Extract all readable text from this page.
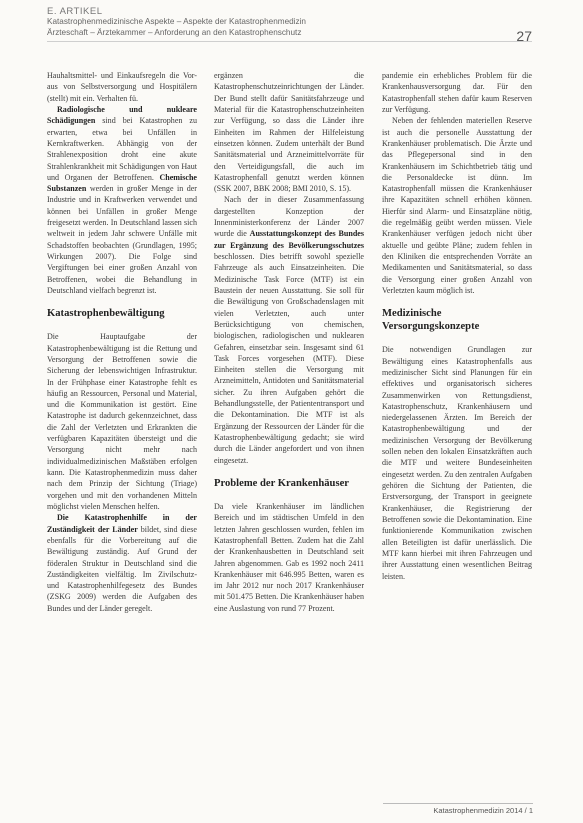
E. ARTIKEL
Katastrophenmedizinische Aspekte – Aspekte der Katastrophenmedizin
Ärzteschaft – Ärztekammer – Anforderung an den Katastrophenschutz	27

Hauhaltsmittel- und Einkaufsregeln die Vor- aus von Selbstversorgung und Hospitälern (stellt) mit ein. Verhalten fü.

Radiologische und nukleare Schädigungen sind bei Katastrophen zu erwarten, etwa bei Unfällen in Kernkraftwerken. Abhängig von der Strahlenexposition droht eine akute Strahlenkrankheit mit Schädigungen von Haut und Organen der Betroffenen. Chemische Substanzen werden in großer Menge in der Industrie und in Kraftwerken verwendet und können bei Unfällen in großer Menge freigesetzt werden. In Deutschland lassen sich weltweit in jedem Jahr schwere Unfälle mit Schadstoffen beobachten (Grundlagen, 1995; Wirkungen 2007). Die Folge sind Vergiftungen bei einer großen Anzahl von Betroffenen, wobei die Behandlung in Deutschland vielfach begrenzt ist.

Katastrophenbewältigung

Die Hauptaufgabe der Katastrophenbewältigung ist die Rettung und Versorgung der Betroffenen sowie die Sicherung der lebenswichtigen Infrastruktur. In der Frühphase einer Katastrophe fehlt es häufig an Ressourcen, Personal und Material, und die Kommunikation ist gestört. Eine Katastrophe ist dadurch gekennzeichnet, dass die Zahl der Verletzten und Erkrankten die verfügbaren Kapazitäten übersteigt und die Versorgung nicht mehr nach individualmedizinischen Maßstäben erfolgen kann. Die Katastrophenmedizin muss daher nach dem Prinzip der Sichtung (Triage) vorgehen und mit den vorhandenen Mitteln möglichst vielen Menschen helfen.

Die Katastrophenhilfe in der Zuständigkeit der Länder bildet, sind diese ebenfalls für die Vorbereitung auf die Bewältigung zuständig. Auf Grund der föderalen Struktur in Deutschland sind die Zuständigkeiten vielfältig. Im Zivilschutz- und Katastrophenhilfegesetz des Bundes (ZSKG 2009) werden die Aufgaben des Bundes und der Länder geregelt.

ergänzen die Katastrophenschutzeinrichtungen der Länder. Der Bund stellt dafür Sanitätsfahrzeuge und Material für die Katastrophenschutzeinheiten zur Verfügung, so dass die Länder ihre Einheiten im Rahmen der Hilfeleistung einsetzen können. Zudem unterhält der Bund Sanitätsmaterial und Arzneimittelvorräte für den Verteidigungsfall, die auch im Katastrophenfall genutzt werden können (SSK 2007, BBK 2008; BMI 2010, S. 15).

Nach der in dieser Zusammenfassung dargestellten Konzeption der Innenministerkonferenz der Länder 2007 wurde die Ausstattungskonzept des Bundes zur Ergänzung des Bevölkerungsschutzes beschlossen. Dies betrifft sowohl spezielle Fahrzeuge als auch Einsatzeinheiten. Die Medizinische Task Force (MTF) ist ein Baustein der neuen Ausstattung. Sie soll für die Bewältigung von Großschadenslagen mit vielen Verletzten, auch unter Berücksichtigung von chemischen, biologischen, radiologischen und nuklearen Gefahren, einsetzbar sein. Insgesamt sind 61 Task Forces vorgesehen (MTF). Diese Einheiten stellen die Versorgung mit Arzneimitteln, Antidoten und Sanitätsmaterial sicher. Zu ihren Aufgaben gehört die Behandlungsstelle, der Patiententransport und die Dekontamination. Die MTF ist als Ergänzung der Ressourcen der Länder für die Katastrophenbewältigung gedacht; sie wird durch die Länder angefordert und von ihnen eingesetzt.

Probleme der Krankenhäuser

Da viele Krankenhäuser im ländlichen Bereich und im städtischen Umfeld in den letzten Jahren geschlossen wurden, fehlen im Katastrophenfall Betten. Zudem hat die Zahl der Krankenhausbetten in Deutschland seit Jahren abgenommen. Gab es 1992 noch 2411 Krankenhäuser mit 646.995 Betten, waren es im Jahr 2012 nur noch 2017 Krankenhäuser mit 501.475 Betten. Die Krankenhäuser haben eine Auslastung von rund 77 Prozent.

pandemie ein erhebliches Problem für die Krankenhausversorgung dar. Für den Katastrophenfall stehen dafür kaum Reserven zur Verfügung.

Neben der fehlenden materiellen Reserve ist auch die personelle Ausstattung der Krankenhäuser problematisch. Die Ärzte und das Pflegepersonal sind in den Krankenhäusern im Schichtbetrieb tätig und die Personaldecke ist dünn. Im Katastrophenfall müssen die Krankenhäuser ihre Kapazitäten schnell erhöhen können. Hierfür sind Alarm- und Einsatzpläne nötig, die regelmäßig geübt werden müssen. Viele Krankenhäuser verfügen jedoch nicht über aktuelle und geübte Pläne; zudem fehlen in den Kliniken die entsprechenden Vorräte an Medikamenten und Sanitätsmaterial, so dass die Versorgung einer großen Anzahl von Verletzten kaum möglich ist.

Medizinische Versorgungskonzepte

Die notwendigen Grundlagen zur Bewältigung eines Katastrophenfalls aus medizinischer Sicht sind Planungen für ein effektives und organisatorisch sicheres Zusammenwirken von Rettungsdienst, Katastrophenschutz, Krankenhäusern und niedergelassenen Ärzten. Im Bereich der Katastrophenbewältigung und der medizinischen Versorgung der Bevölkerung sollen neben den lokalen Einsatzkräften auch die MTF und weitere Bundeseinheiten eingesetzt werden. Zu den zentralen Aufgaben gehören die Sichtung der Patienten, die Erstversorgung, der Transport in geeignete Krankenhäuser, die Registrierung der Betroffenen sowie die Dekontamination. Eine funktionierende Kommunikation zwischen allen Beteiligten ist dafür unerlässlich. Die MTF kann hierbei mit ihren Fahrzeugen und ihrer Ausstattung einen wesentlichen Beitrag leisten.

Katastrophenmedizin 2014 / 1
